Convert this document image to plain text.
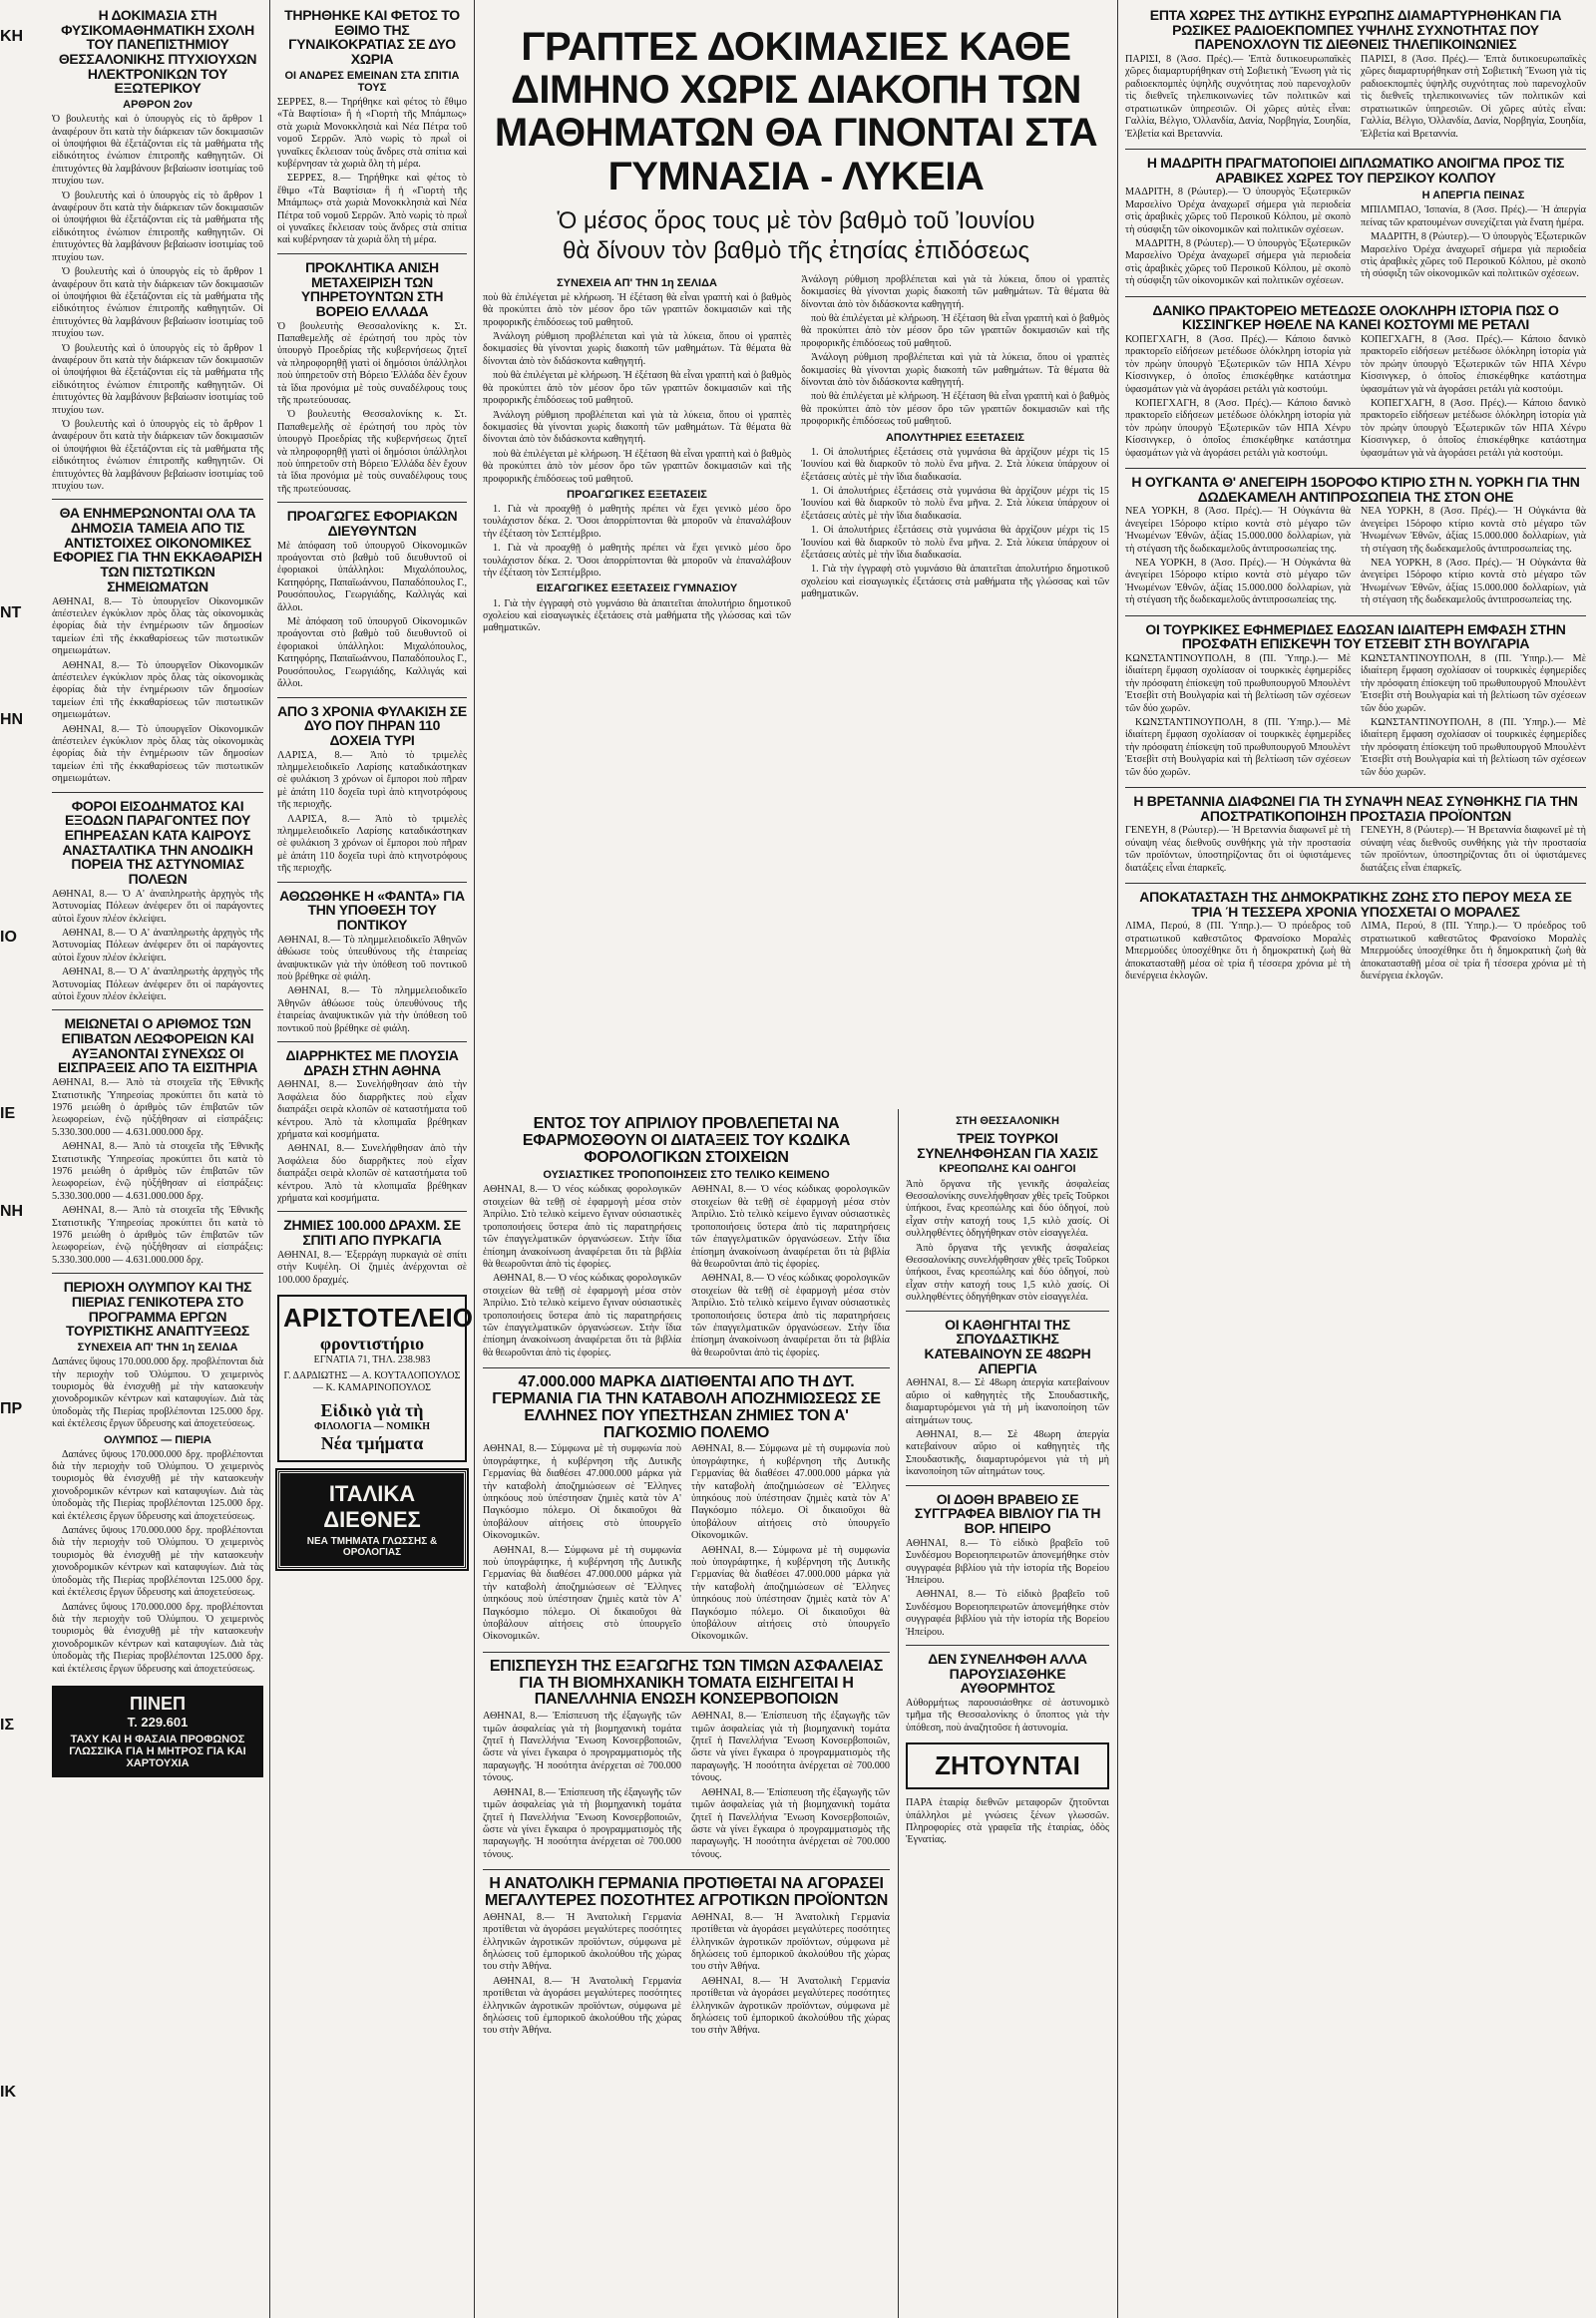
ΚΗ
ΝΤ
ΗΝ
ΙΟ
ΙΕ
ΝΗ
ΠΡ
ΙΣ
ΙΚ
Η ΔΟΚΙΜΑΣΙΑ ΣΤΗ ΦΥΣΙΚΟΜΑΘΗΜΑΤΙΚΗ ΣΧΟΛΗ ΤΟΥ ΠΑΝΕΠΙΣΤΗΜΙΟΥ ΘΕΣΣΑΛΟΝΙΚΗΣ ΠΤΥΧΙΟΥΧΩΝ ΗΛΕΚΤΡΟΝΙΚΩΝ ΤΟΥ ΕΞΩΤΕΡΙΚΟΥ
ΑΡΘΡΟΝ 2ον

Ὁ βουλευτὴς καὶ ὁ ὑπουργὸς εἰς τὸ ἄρθρον 1 ἀναφέρουν ὅτι κατὰ τὴν διάρκειαν τῶν δοκιμασιῶν οἱ ὑποψήφιοι θὰ ἐξετάζονται εἰς τὰ μαθήματα τῆς εἰδικότητος ἐνώπιον ἐπιτροπῆς καθηγητῶν. Οἱ ἐπιτυχόντες θὰ λαμβάνουν βεβαίωσιν ἰσοτιμίας τοῦ πτυχίου των.

Ὁ βουλευτὴς καὶ ὁ ὑπουργὸς εἰς τὸ ἄρθρον 1 ἀναφέρουν ὅτι κατὰ τὴν διάρκειαν τῶν δοκιμασιῶν οἱ ὑποψήφιοι θὰ ἐξετάζονται εἰς τὰ μαθήματα τῆς εἰδικότητος ἐνώπιον ἐπιτροπῆς καθηγητῶν. Οἱ ἐπιτυχόντες θὰ λαμβάνουν βεβαίωσιν ἰσοτιμίας τοῦ πτυχίου των.

Ὁ βουλευτὴς καὶ ὁ ὑπουργὸς εἰς τὸ ἄρθρον 1 ἀναφέρουν ὅτι κατὰ τὴν διάρκειαν τῶν δοκιμασιῶν οἱ ὑποψήφιοι θὰ ἐξετάζονται εἰς τὰ μαθήματα τῆς εἰδικότητος ἐνώπιον ἐπιτροπῆς καθηγητῶν. Οἱ ἐπιτυχόντες θὰ λαμβάνουν βεβαίωσιν ἰσοτιμίας τοῦ πτυχίου των.

Ὁ βουλευτὴς καὶ ὁ ὑπουργὸς εἰς τὸ ἄρθρον 1 ἀναφέρουν ὅτι κατὰ τὴν διάρκειαν τῶν δοκιμασιῶν οἱ ὑποψήφιοι θὰ ἐξετάζονται εἰς τὰ μαθήματα τῆς εἰδικότητος ἐνώπιον ἐπιτροπῆς καθηγητῶν. Οἱ ἐπιτυχόντες θὰ λαμβάνουν βεβαίωσιν ἰσοτιμίας τοῦ πτυχίου των.

Ὁ βουλευτὴς καὶ ὁ ὑπουργὸς εἰς τὸ ἄρθρον 1 ἀναφέρουν ὅτι κατὰ τὴν διάρκειαν τῶν δοκιμασιῶν οἱ ὑποψήφιοι θὰ ἐξετάζονται εἰς τὰ μαθήματα τῆς εἰδικότητος ἐνώπιον ἐπιτροπῆς καθηγητῶν. Οἱ ἐπιτυχόντες θὰ λαμβάνουν βεβαίωσιν ἰσοτιμίας τοῦ πτυχίου των.

ΘΑ ΕΝΗΜΕΡΩΝΟΝΤΑΙ ΟΛΑ ΤΑ ΔΗΜΟΣΙΑ ΤΑΜΕΙΑ ΑΠΟ ΤΙΣ ΑΝΤΙΣΤΟΙΧΕΣ ΟΙΚΟΝΟΜΙΚΕΣ ΕΦΟΡΙΕΣ ΓΙΑ ΤΗΝ ΕΚΚΑΘΑΡΙΣΗ ΤΩΝ ΠΙΣΤΩΤΙΚΩΝ ΣΗΜΕΙΩΜΑΤΩΝ

ΑΘΗΝΑΙ, 8.— Τὸ ὑπουργεῖον Οἰκονομικῶν ἀπέστειλεν ἐγκύκλιον πρὸς ὅλας τὰς οἰκονομικὰς ἐφορίας διὰ τὴν ἐνημέρωσιν τῶν δημοσίων ταμείων ἐπὶ τῆς ἐκκαθαρίσεως τῶν πιστωτικῶν σημειωμάτων.

ΑΘΗΝΑΙ, 8.— Τὸ ὑπουργεῖον Οἰκονομικῶν ἀπέστειλεν ἐγκύκλιον πρὸς ὅλας τὰς οἰκονομικὰς ἐφορίας διὰ τὴν ἐνημέρωσιν τῶν δημοσίων ταμείων ἐπὶ τῆς ἐκκαθαρίσεως τῶν πιστωτικῶν σημειωμάτων.

ΑΘΗΝΑΙ, 8.— Τὸ ὑπουργεῖον Οἰκονομικῶν ἀπέστειλεν ἐγκύκλιον πρὸς ὅλας τὰς οἰκονομικὰς ἐφορίας διὰ τὴν ἐνημέρωσιν τῶν δημοσίων ταμείων ἐπὶ τῆς ἐκκαθαρίσεως τῶν πιστωτικῶν σημειωμάτων.

ΦΟΡΟΙ ΕΙΣΟΔΗΜΑΤΟΣ ΚΑΙ ΕΞΟΔΩΝ ΠΑΡΑΓΟΝΤΕΣ ΠΟΥ ΕΠΗΡΕΑΣΑΝ ΚΑΤΑ ΚΑΙΡΟΥΣ ΑΝΑΣΤΑΛΤΙΚΑ ΤΗΝ ΑΝΟΔΙΚΗ ΠΟΡΕΙΑ ΤΗΣ ΑΣΤΥΝΟΜΙΑΣ ΠΟΛΕΩΝ

ΑΘΗΝΑΙ, 8.— Ὁ Α' ἀναπληρωτὴς ἀρχηγὸς τῆς Ἀστυνομίας Πόλεων ἀνέφερεν ὅτι οἱ παράγοντες αὐτοὶ ἔχουν πλέον ἐκλείψει.

ΑΘΗΝΑΙ, 8.— Ὁ Α' ἀναπληρωτὴς ἀρχηγὸς τῆς Ἀστυνομίας Πόλεων ἀνέφερεν ὅτι οἱ παράγοντες αὐτοὶ ἔχουν πλέον ἐκλείψει.

ΑΘΗΝΑΙ, 8.— Ὁ Α' ἀναπληρωτὴς ἀρχηγὸς τῆς Ἀστυνομίας Πόλεων ἀνέφερεν ὅτι οἱ παράγοντες αὐτοὶ ἔχουν πλέον ἐκλείψει.

ΜΕΙΩΝΕΤΑΙ Ο ΑΡΙΘΜΟΣ ΤΩΝ ΕΠΙΒΑΤΩΝ ΛΕΩΦΟΡΕΙΩΝ ΚΑΙ ΑΥΞΑΝΟΝΤΑΙ ΣΥΝΕΧΩΣ ΟΙ ΕΙΣΠΡΑΞΕΙΣ ΑΠΟ ΤΑ ΕΙΣΙΤΗΡΙΑ

ΑΘΗΝΑΙ, 8.— Ἀπὸ τὰ στοιχεῖα τῆς Ἐθνικῆς Στατιστικῆς Ὑπηρεσίας προκύπτει ὅτι κατὰ τὸ 1976 μειώθη ὁ ἀριθμὸς τῶν ἐπιβατῶν τῶν λεωφορείων, ἐνῷ ηὐξήθησαν αἱ εἰσπράξεις: 5.330.300.000 — 4.631.000.000 δρχ.

ΑΘΗΝΑΙ, 8.— Ἀπὸ τὰ στοιχεῖα τῆς Ἐθνικῆς Στατιστικῆς Ὑπηρεσίας προκύπτει ὅτι κατὰ τὸ 1976 μειώθη ὁ ἀριθμὸς τῶν ἐπιβατῶν τῶν λεωφορείων, ἐνῷ ηὐξήθησαν αἱ εἰσπράξεις: 5.330.300.000 — 4.631.000.000 δρχ.

ΑΘΗΝΑΙ, 8.— Ἀπὸ τὰ στοιχεῖα τῆς Ἐθνικῆς Στατιστικῆς Ὑπηρεσίας προκύπτει ὅτι κατὰ τὸ 1976 μειώθη ὁ ἀριθμὸς τῶν ἐπιβατῶν τῶν λεωφορείων, ἐνῷ ηὐξήθησαν αἱ εἰσπράξεις: 5.330.300.000 — 4.631.000.000 δρχ.

ΠΕΡΙΟΧΗ ΟΛΥΜΠΟΥ ΚΑΙ ΤΗΣ ΠΙΕΡΙΑΣ ΓΕΝΙΚΟΤΕΡΑ ΣΤΟ ΠΡΟΓΡΑΜΜΑ ΕΡΓΩΝ ΤΟΥΡΙΣΤΙΚΗΣ ΑΝΑΠΤΥΞΕΩΣ
ΣΥΝΕΧΕΙΑ ΑΠ' ΤΗΝ 1η ΣΕΛΙΔΑ

Δαπάνες ὕψους 170.000.000 δρχ. προβλέπονται διὰ τὴν περιοχὴν τοῦ Ὀλύμπου. Ὁ χειμερινὸς τουρισμὸς θὰ ἐνισχυθῇ μὲ τὴν κατασκευὴν χιονοδρομικῶν κέντρων καὶ καταφυγίων. Διὰ τὰς ὑποδομὰς τῆς Πιερίας προβλέπονται 125.000 δρχ. καὶ ἐκτέλεσις ἔργων ὕδρευσης καὶ ἀποχετεύσεως.

ΟΛΥΜΠΟΣ — ΠΙΕΡΙΑ

Δαπάνες ὕψους 170.000.000 δρχ. προβλέπονται διὰ τὴν περιοχὴν τοῦ Ὀλύμπου. Ὁ χειμερινὸς τουρισμὸς θὰ ἐνισχυθῇ μὲ τὴν κατασκευὴν χιονοδρομικῶν κέντρων καὶ καταφυγίων. Διὰ τὰς ὑποδομὰς τῆς Πιερίας προβλέπονται 125.000 δρχ. καὶ ἐκτέλεσις ἔργων ὕδρευσης καὶ ἀποχετεύσεως.

Δαπάνες ὕψους 170.000.000 δρχ. προβλέπονται διὰ τὴν περιοχὴν τοῦ Ὀλύμπου. Ὁ χειμερινὸς τουρισμὸς θὰ ἐνισχυθῇ μὲ τὴν κατασκευὴν χιονοδρομικῶν κέντρων καὶ καταφυγίων. Διὰ τὰς ὑποδομὰς τῆς Πιερίας προβλέπονται 125.000 δρχ. καὶ ἐκτέλεσις ἔργων ὕδρευσης καὶ ἀποχετεύσεως.

Δαπάνες ὕψους 170.000.000 δρχ. προβλέπονται διὰ τὴν περιοχὴν τοῦ Ὀλύμπου. Ὁ χειμερινὸς τουρισμὸς θὰ ἐνισχυθῇ μὲ τὴν κατασκευὴν χιονοδρομικῶν κέντρων καὶ καταφυγίων. Διὰ τὰς ὑποδομὰς τῆς Πιερίας προβλέπονται 125.000 δρχ. καὶ ἐκτέλεσις ἔργων ὕδρευσης καὶ ἀποχετεύσεως.

ΠΙΝΕΠ
Τ. 229.601
ΤΑΧΥ ΚΑΙ Η ΦΑΣΑΙΑ ΠΡΟΦΩΝΟΣ ΓΛΩΣΣΙΚΑ ΓΙΑ Η ΜΗΤΡΟΣ ΓΙΑ ΚΑΙ ΧΑΡΤΟΥΧΙΑ
ΤΗΡΗΘΗΚΕ ΚΑΙ ΦΕΤΟΣ ΤΟ ΕΘΙΜΟ ΤΗΣ ΓΥΝΑΙΚΟΚΡΑΤΙΑΣ ΣΕ ΔΥΟ ΧΩΡΙΑ
ΟΙ ΑΝΔΡΕΣ ΕΜΕΙΝΑΝ ΣΤΑ ΣΠΙΤΙΑ ΤΟΥΣ

ΣΕΡΡΕΣ, 8.— Τηρήθηκε καὶ φέτος τὸ ἔθιμο «Τὰ Βαφτίσια» ἢ ἡ «Γιορτὴ τῆς Μπάμπως» στὰ χωριὰ Μονοκκλησιὰ καὶ Νέα Πέτρα τοῦ νομοῦ Σερρῶν. Ἀπὸ νωρὶς τὸ πρωῒ οἱ γυναῖκες ἔκλεισαν τοὺς ἄνδρες στὰ σπίτια καὶ κυβέρνησαν τὰ χωριὰ ὅλη τὴ μέρα.

ΣΕΡΡΕΣ, 8.— Τηρήθηκε καὶ φέτος τὸ ἔθιμο «Τὰ Βαφτίσια» ἢ ἡ «Γιορτὴ τῆς Μπάμπως» στὰ χωριὰ Μονοκκλησιὰ καὶ Νέα Πέτρα τοῦ νομοῦ Σερρῶν. Ἀπὸ νωρὶς τὸ πρωῒ οἱ γυναῖκες ἔκλεισαν τοὺς ἄνδρες στὰ σπίτια καὶ κυβέρνησαν τὰ χωριὰ ὅλη τὴ μέρα.

ΠΡΟΚΛΗΤΙΚΑ ΑΝΙΣΗ ΜΕΤΑΧΕΙΡΙΣΗ ΤΩΝ ΥΠΗΡΕΤΟΥΝΤΩΝ ΣΤΗ ΒΟΡΕΙΟ ΕΛΛΑΔΑ

Ὁ βουλευτὴς Θεσσαλονίκης κ. Στ. Παπαθεμελῆς σὲ ἐρώτησή του πρὸς τὸν ὑπουργὸ Προεδρίας τῆς κυβερνήσεως ζητεῖ νὰ πληροφορηθῇ γιατὶ οἱ δημόσιοι ὑπάλληλοι ποὺ ὑπηρετοῦν στὴ Βόρειο Ἑλλάδα δὲν ἔχουν τὰ ἴδια προνόμια μὲ τοὺς συναδέλφους τους τῆς πρωτεύουσας.

Ὁ βουλευτὴς Θεσσαλονίκης κ. Στ. Παπαθεμελῆς σὲ ἐρώτησή του πρὸς τὸν ὑπουργὸ Προεδρίας τῆς κυβερνήσεως ζητεῖ νὰ πληροφορηθῇ γιατὶ οἱ δημόσιοι ὑπάλληλοι ποὺ ὑπηρετοῦν στὴ Βόρειο Ἑλλάδα δὲν ἔχουν τὰ ἴδια προνόμια μὲ τοὺς συναδέλφους τους τῆς πρωτεύουσας.

ΠΡΟΑΓΩΓΕΣ ΕΦΟΡΙΑΚΩΝ ΔΙΕΥΘΥΝΤΩΝ

Μὲ ἀπόφαση τοῦ ὑπουργοῦ Οἰκονομικῶν προάγονται στὸ βαθμὸ τοῦ διευθυντοῦ οἱ ἐφοριακοὶ ὑπάλληλοι: Μιχαλόπουλος, Κατηφόρης, Παπαϊωάννου, Παπαδόπουλος Γ., Ρουσόπουλος, Γεωργιάδης, Καλλιγάς καὶ ἄλλοι.

Μὲ ἀπόφαση τοῦ ὑπουργοῦ Οἰκονομικῶν προάγονται στὸ βαθμὸ τοῦ διευθυντοῦ οἱ ἐφοριακοὶ ὑπάλληλοι: Μιχαλόπουλος, Κατηφόρης, Παπαϊωάννου, Παπαδόπουλος Γ., Ρουσόπουλος, Γεωργιάδης, Καλλιγάς καὶ ἄλλοι.

ΑΠΟ 3 ΧΡΟΝΙΑ ΦΥΛΑΚΙΣΗ ΣΕ ΔΥΟ ΠΟΥ ΠΗΡΑΝ 110 ΔΟΧΕΙΑ ΤΥΡΙ

ΛΑΡΙΣΑ, 8.— Ἀπὸ τὸ τριμελὲς πλημμελειοδικεῖο Λαρίσης καταδικάστηκαν σὲ φυλάκιση 3 χρόνων οἱ ἔμποροι ποὺ πῆραν μὲ ἀπάτη 110 δοχεῖα τυρὶ ἀπὸ κτηνοτρόφους τῆς περιοχῆς.

ΛΑΡΙΣΑ, 8.— Ἀπὸ τὸ τριμελὲς πλημμελειοδικεῖο Λαρίσης καταδικάστηκαν σὲ φυλάκιση 3 χρόνων οἱ ἔμποροι ποὺ πῆραν μὲ ἀπάτη 110 δοχεῖα τυρὶ ἀπὸ κτηνοτρόφους τῆς περιοχῆς.

ΑΘΩΩΘΗΚΕ Η «ΦΑΝΤΑ» ΓΙΑ ΤΗΝ ΥΠΟΘΕΣΗ ΤΟΥ ΠΟΝΤΙΚΟΥ

ΑΘΗΝΑΙ, 8.— Τὸ πλημμελειοδικεῖο Ἀθηνῶν ἀθώωσε τοὺς ὑπευθύνους τῆς ἑταιρείας ἀναψυκτικῶν γιὰ τὴν ὑπόθεση τοῦ ποντικοῦ ποὺ βρέθηκε σὲ φιάλη.

ΑΘΗΝΑΙ, 8.— Τὸ πλημμελειοδικεῖο Ἀθηνῶν ἀθώωσε τοὺς ὑπευθύνους τῆς ἑταιρείας ἀναψυκτικῶν γιὰ τὴν ὑπόθεση τοῦ ποντικοῦ ποὺ βρέθηκε σὲ φιάλη.

ΔΙΑΡΡΗΚΤΕΣ ΜΕ ΠΛΟΥΣΙΑ ΔΡΑΣΗ ΣΤΗΝ ΑΘΗΝΑ

ΑΘΗΝΑΙ, 8.— Συνελήφθησαν ἀπὸ τὴν Ἀσφάλεια δύο διαρρῆκτες ποὺ εἶχαν διαπράξει σειρὰ κλοπῶν σὲ καταστήματα τοῦ κέντρου. Ἀπὸ τὰ κλοπιμαῖα βρέθηκαν χρήματα καὶ κοσμήματα.

ΑΘΗΝΑΙ, 8.— Συνελήφθησαν ἀπὸ τὴν Ἀσφάλεια δύο διαρρῆκτες ποὺ εἶχαν διαπράξει σειρὰ κλοπῶν σὲ καταστήματα τοῦ κέντρου. Ἀπὸ τὰ κλοπιμαῖα βρέθηκαν χρήματα καὶ κοσμήματα.

ΖΗΜΙΕΣ 100.000 ΔΡΑΧΜ. ΣΕ ΣΠΙΤΙ ΑΠΟ ΠΥΡΚΑΓΙΑ

ΑΘΗΝΑΙ, 8.— Ἐξερράγη πυρκαγιὰ σὲ σπίτι στὴν Κυψέλη. Οἱ ζημιὲς ἀνέρχονται σὲ 100.000 δραχμές.

ΑΡΙΣΤΟΤΕΛΕΙΟ
φροντιστήριο
ΕΓΝΑΤΙΑ 71, ΤΗΛ. 238.983
Γ. ΔΑΡΔΙΩΤΗΣ — Α. ΚΟΥΤΑΛΟΠΟΥΛΟΣ — Κ. ΚΑΜΑΡΙΝΟΠΟΥΛΟΣ
Εἰδικὸ γιὰ τὴ
ΦΙΛΟΛΟΓΙΑ — ΝΟΜΙΚΗ
Νέα τμήματα
ΙΤΑΛΙΚΑ ΔΙΕΘΝΕΣ
ΝΕΑ ΤΜΗΜΑΤΑ ΓΛΩΣΣΗΣ & ΟΡΟΛΟΓΙΑΣ
ΓΡΑΠΤΕΣ ΔΟΚΙΜΑΣΙΕΣ ΚΑΘΕ ΔΙΜΗΝΟ ΧΩΡΙΣ ΔΙΑΚΟΠΗ ΤΩΝ ΜΑΘΗΜΑΤΩΝ ΘΑ ΓΙΝΟΝΤΑΙ ΣΤΑ ΓΥΜΝΑΣΙΑ - ΛΥΚΕΙΑ
Ὁ μέσος ὅρος τους μὲ τὸν βαθμὸ τοῦ Ἰουνίου
θὰ δίνουν τὸν βαθμὸ τῆς ἐτησίας ἐπιδόσεως
ΣΥΝΕΧΕΙΑ ΑΠ' ΤΗΝ 1η ΣΕΛΙΔΑ

ποὺ θὰ ἐπιλέγεται μὲ κλήρωση. Ἡ ἐξέταση θὰ εἶναι γραπτὴ καὶ ὁ βαθμὸς θὰ προκύπτει ἀπὸ τὸν μέσον ὅρο τῶν γραπτῶν δοκιμασιῶν καὶ τῆς προφορικῆς ἐπιδόσεως τοῦ μαθητοῦ.

Ἀνάλογη ρύθμιση προβλέπεται καὶ γιὰ τὰ λύκεια, ὅπου οἱ γραπτὲς δοκιμασίες θὰ γίνονται χωρὶς διακοπὴ τῶν μαθημάτων. Τὰ θέματα θὰ δίνονται ἀπὸ τὸν διδάσκοντα καθηγητή.

ποὺ θὰ ἐπιλέγεται μὲ κλήρωση. Ἡ ἐξέταση θὰ εἶναι γραπτὴ καὶ ὁ βαθμὸς θὰ προκύπτει ἀπὸ τὸν μέσον ὅρο τῶν γραπτῶν δοκιμασιῶν καὶ τῆς προφορικῆς ἐπιδόσεως τοῦ μαθητοῦ.

Ἀνάλογη ρύθμιση προβλέπεται καὶ γιὰ τὰ λύκεια, ὅπου οἱ γραπτὲς δοκιμασίες θὰ γίνονται χωρὶς διακοπὴ τῶν μαθημάτων. Τὰ θέματα θὰ δίνονται ἀπὸ τὸν διδάσκοντα καθηγητή.

ποὺ θὰ ἐπιλέγεται μὲ κλήρωση. Ἡ ἐξέταση θὰ εἶναι γραπτὴ καὶ ὁ βαθμὸς θὰ προκύπτει ἀπὸ τὸν μέσον ὅρο τῶν γραπτῶν δοκιμασιῶν καὶ τῆς προφορικῆς ἐπιδόσεως τοῦ μαθητοῦ.

ΠΡΟΑΓΩΓΙΚΕΣ ΕΞΕΤΑΣΕΙΣ

1. Γιὰ νὰ προαχθῇ ὁ μαθητὴς πρέπει νὰ ἔχει γενικὸ μέσο ὅρο τουλάχιστον δέκα. 2. Ὅσοι ἀπορρίπτονται θὰ μποροῦν νὰ ἐπαναλάβουν τὴν ἐξέταση τὸν Σεπτέμβριο.

1. Γιὰ νὰ προαχθῇ ὁ μαθητὴς πρέπει νὰ ἔχει γενικὸ μέσο ὅρο τουλάχιστον δέκα. 2. Ὅσοι ἀπορρίπτονται θὰ μποροῦν νὰ ἐπαναλάβουν τὴν ἐξέταση τὸν Σεπτέμβριο.

ΕΙΣΑΓΩΓΙΚΕΣ ΕΞΕΤΑΣΕΙΣ ΓΥΜΝΑΣΙΟΥ

1. Γιὰ τὴν ἐγγραφὴ στὸ γυμνάσιο θὰ ἀπαιτεῖται ἀπολυτήριο δημοτικοῦ σχολείου καὶ εἰσαγωγικὲς ἐξετάσεις στὰ μαθήματα τῆς γλώσσας καὶ τῶν μαθηματικῶν.

Ἀνάλογη ρύθμιση προβλέπεται καὶ γιὰ τὰ λύκεια, ὅπου οἱ γραπτὲς δοκιμασίες θὰ γίνονται χωρὶς διακοπὴ τῶν μαθημάτων. Τὰ θέματα θὰ δίνονται ἀπὸ τὸν διδάσκοντα καθηγητή.

ποὺ θὰ ἐπιλέγεται μὲ κλήρωση. Ἡ ἐξέταση θὰ εἶναι γραπτὴ καὶ ὁ βαθμὸς θὰ προκύπτει ἀπὸ τὸν μέσον ὅρο τῶν γραπτῶν δοκιμασιῶν καὶ τῆς προφορικῆς ἐπιδόσεως τοῦ μαθητοῦ.

Ἀνάλογη ρύθμιση προβλέπεται καὶ γιὰ τὰ λύκεια, ὅπου οἱ γραπτὲς δοκιμασίες θὰ γίνονται χωρὶς διακοπὴ τῶν μαθημάτων. Τὰ θέματα θὰ δίνονται ἀπὸ τὸν διδάσκοντα καθηγητή.

ποὺ θὰ ἐπιλέγεται μὲ κλήρωση. Ἡ ἐξέταση θὰ εἶναι γραπτὴ καὶ ὁ βαθμὸς θὰ προκύπτει ἀπὸ τὸν μέσον ὅρο τῶν γραπτῶν δοκιμασιῶν καὶ τῆς προφορικῆς ἐπιδόσεως τοῦ μαθητοῦ.

ΑΠΟΛΥΤΗΡΙΕΣ ΕΞΕΤΑΣΕΙΣ

1. Οἱ ἀπολυτήριες ἐξετάσεις στὰ γυμνάσια θὰ ἀρχίζουν μέχρι τὶς 15 Ἰουνίου καὶ θὰ διαρκοῦν τὸ πολὺ ἕνα μῆνα. 2. Στὰ λύκεια ὑπάρχουν οἱ ἐξετάσεις αὐτὲς μὲ τὴν ἴδια διαδικασία.

1. Οἱ ἀπολυτήριες ἐξετάσεις στὰ γυμνάσια θὰ ἀρχίζουν μέχρι τὶς 15 Ἰουνίου καὶ θὰ διαρκοῦν τὸ πολὺ ἕνα μῆνα. 2. Στὰ λύκεια ὑπάρχουν οἱ ἐξετάσεις αὐτὲς μὲ τὴν ἴδια διαδικασία.

1. Οἱ ἀπολυτήριες ἐξετάσεις στὰ γυμνάσια θὰ ἀρχίζουν μέχρι τὶς 15 Ἰουνίου καὶ θὰ διαρκοῦν τὸ πολὺ ἕνα μῆνα. 2. Στὰ λύκεια ὑπάρχουν οἱ ἐξετάσεις αὐτὲς μὲ τὴν ἴδια διαδικασία.

1. Γιὰ τὴν ἐγγραφὴ στὸ γυμνάσιο θὰ ἀπαιτεῖται ἀπολυτήριο δημοτικοῦ σχολείου καὶ εἰσαγωγικὲς ἐξετάσεις στὰ μαθήματα τῆς γλώσσας καὶ τῶν μαθηματικῶν.

ΕΝΤΟΣ ΤΟΥ ΑΠΡΙΛΙΟΥ ΠΡΟΒΛΕΠΕΤΑΙ ΝΑ ΕΦΑΡΜΟΣΘΟΥΝ ΟΙ ΔΙΑΤΑΞΕΙΣ ΤΟΥ ΚΩΔΙΚΑ ΦΟΡΟΛΟΓΙΚΩΝ ΣΤΟΙΧΕΙΩΝ
ΟΥΣΙΑΣΤΙΚΕΣ ΤΡΟΠΟΠΟΙΗΣΕΙΣ ΣΤΟ ΤΕΛΙΚΟ ΚΕΙΜΕΝΟ

ΑΘΗΝΑΙ, 8.— Ὁ νέος κώδικας φορολογικῶν στοιχείων θὰ τεθῇ σὲ ἐφαρμογὴ μέσα στὸν Ἀπρίλιο. Στὸ τελικὸ κείμενο ἔγιναν οὐσιαστικὲς τροποποιήσεις ὕστερα ἀπὸ τὶς παρατηρήσεις τῶν ἐπαγγελματικῶν ὀργανώσεων. Στὴν ἴδια ἐπίσημη ἀνακοίνωση ἀναφέρεται ὅτι τὰ βιβλία θὰ θεωροῦνται ἀπὸ τὶς ἐφορίες.

ΑΘΗΝΑΙ, 8.— Ὁ νέος κώδικας φορολογικῶν στοιχείων θὰ τεθῇ σὲ ἐφαρμογὴ μέσα στὸν Ἀπρίλιο. Στὸ τελικὸ κείμενο ἔγιναν οὐσιαστικὲς τροποποιήσεις ὕστερα ἀπὸ τὶς παρατηρήσεις τῶν ἐπαγγελματικῶν ὀργανώσεων. Στὴν ἴδια ἐπίσημη ἀνακοίνωση ἀναφέρεται ὅτι τὰ βιβλία θὰ θεωροῦνται ἀπὸ τὶς ἐφορίες.

ΑΘΗΝΑΙ, 8.— Ὁ νέος κώδικας φορολογικῶν στοιχείων θὰ τεθῇ σὲ ἐφαρμογὴ μέσα στὸν Ἀπρίλιο. Στὸ τελικὸ κείμενο ἔγιναν οὐσιαστικὲς τροποποιήσεις ὕστερα ἀπὸ τὶς παρατηρήσεις τῶν ἐπαγγελματικῶν ὀργανώσεων. Στὴν ἴδια ἐπίσημη ἀνακοίνωση ἀναφέρεται ὅτι τὰ βιβλία θὰ θεωροῦνται ἀπὸ τὶς ἐφορίες.

ΑΘΗΝΑΙ, 8.— Ὁ νέος κώδικας φορολογικῶν στοιχείων θὰ τεθῇ σὲ ἐφαρμογὴ μέσα στὸν Ἀπρίλιο. Στὸ τελικὸ κείμενο ἔγιναν οὐσιαστικὲς τροποποιήσεις ὕστερα ἀπὸ τὶς παρατηρήσεις τῶν ἐπαγγελματικῶν ὀργανώσεων. Στὴν ἴδια ἐπίσημη ἀνακοίνωση ἀναφέρεται ὅτι τὰ βιβλία θὰ θεωροῦνται ἀπὸ τὶς ἐφορίες.

47.000.000 ΜΑΡΚΑ ΔΙΑΤΙΘΕΝΤΑΙ ΑΠΟ ΤΗ ΔΥΤ. ΓΕΡΜΑΝΙΑ ΓΙΑ ΤΗΝ ΚΑΤΑΒΟΛΗ ΑΠΟΖΗΜΙΩΣΕΩΣ ΣΕ ΕΛΛΗΝΕΣ ΠΟΥ ΥΠΕΣΤΗΣΑΝ ΖΗΜΙΕΣ ΤΟΝ Α' ΠΑΓΚΟΣΜΙΟ ΠΟΛΕΜΟ

ΑΘΗΝΑΙ, 8.— Σύμφωνα μὲ τὴ συμφωνία ποὺ ὑπογράφτηκε, ἡ κυβέρνηση τῆς Δυτικῆς Γερμανίας θὰ διαθέσει 47.000.000 μάρκα γιὰ τὴν καταβολὴ ἀποζημιώσεων σὲ Ἕλληνες ὑπηκόους ποὺ ὑπέστησαν ζημιὲς κατὰ τὸν Α' Παγκόσμιο πόλεμο. Οἱ δικαιοῦχοι θὰ ὑποβάλουν αἰτήσεις στὸ ὑπουργεῖο Οἰκονομικῶν.

ΑΘΗΝΑΙ, 8.— Σύμφωνα μὲ τὴ συμφωνία ποὺ ὑπογράφτηκε, ἡ κυβέρνηση τῆς Δυτικῆς Γερμανίας θὰ διαθέσει 47.000.000 μάρκα γιὰ τὴν καταβολὴ ἀποζημιώσεων σὲ Ἕλληνες ὑπηκόους ποὺ ὑπέστησαν ζημιὲς κατὰ τὸν Α' Παγκόσμιο πόλεμο. Οἱ δικαιοῦχοι θὰ ὑποβάλουν αἰτήσεις στὸ ὑπουργεῖο Οἰκονομικῶν.

ΑΘΗΝΑΙ, 8.— Σύμφωνα μὲ τὴ συμφωνία ποὺ ὑπογράφτηκε, ἡ κυβέρνηση τῆς Δυτικῆς Γερμανίας θὰ διαθέσει 47.000.000 μάρκα γιὰ τὴν καταβολὴ ἀποζημιώσεων σὲ Ἕλληνες ὑπηκόους ποὺ ὑπέστησαν ζημιὲς κατὰ τὸν Α' Παγκόσμιο πόλεμο. Οἱ δικαιοῦχοι θὰ ὑποβάλουν αἰτήσεις στὸ ὑπουργεῖο Οἰκονομικῶν.

ΑΘΗΝΑΙ, 8.— Σύμφωνα μὲ τὴ συμφωνία ποὺ ὑπογράφτηκε, ἡ κυβέρνηση τῆς Δυτικῆς Γερμανίας θὰ διαθέσει 47.000.000 μάρκα γιὰ τὴν καταβολὴ ἀποζημιώσεων σὲ Ἕλληνες ὑπηκόους ποὺ ὑπέστησαν ζημιὲς κατὰ τὸν Α' Παγκόσμιο πόλεμο. Οἱ δικαιοῦχοι θὰ ὑποβάλουν αἰτήσεις στὸ ὑπουργεῖο Οἰκονομικῶν.

ΕΠΙΣΠΕΥΣΗ ΤΗΣ ΕΞΑΓΩΓΗΣ ΤΩΝ ΤΙΜΩΝ ΑΣΦΑΛΕΙΑΣ ΓΙΑ ΤΗ ΒΙΟΜΗΧΑΝΙΚΗ ΤΟΜΑΤΑ ΕΙΣΗΓΕΙΤΑΙ Η ΠΑΝΕΛΛΗΝΙΑ ΕΝΩΣΗ ΚΟΝΣΕΡΒΟΠΟΙΩΝ

ΑΘΗΝΑΙ, 8.— Ἐπίσπευση τῆς ἐξαγωγῆς τῶν τιμῶν ἀσφαλείας γιὰ τὴ βιομηχανικὴ τομάτα ζητεῖ ἡ Πανελλήνια Ἕνωση Κονσερβοποιῶν, ὥστε νὰ γίνει ἔγκαιρα ὁ προγραμματισμὸς τῆς παραγωγῆς. Ἡ ποσότητα ἀνέρχεται σὲ 700.000 τόνους.

ΑΘΗΝΑΙ, 8.— Ἐπίσπευση τῆς ἐξαγωγῆς τῶν τιμῶν ἀσφαλείας γιὰ τὴ βιομηχανικὴ τομάτα ζητεῖ ἡ Πανελλήνια Ἕνωση Κονσερβοποιῶν, ὥστε νὰ γίνει ἔγκαιρα ὁ προγραμματισμὸς τῆς παραγωγῆς. Ἡ ποσότητα ἀνέρχεται σὲ 700.000 τόνους.

ΑΘΗΝΑΙ, 8.— Ἐπίσπευση τῆς ἐξαγωγῆς τῶν τιμῶν ἀσφαλείας γιὰ τὴ βιομηχανικὴ τομάτα ζητεῖ ἡ Πανελλήνια Ἕνωση Κονσερβοποιῶν, ὥστε νὰ γίνει ἔγκαιρα ὁ προγραμματισμὸς τῆς παραγωγῆς. Ἡ ποσότητα ἀνέρχεται σὲ 700.000 τόνους.

ΑΘΗΝΑΙ, 8.— Ἐπίσπευση τῆς ἐξαγωγῆς τῶν τιμῶν ἀσφαλείας γιὰ τὴ βιομηχανικὴ τομάτα ζητεῖ ἡ Πανελλήνια Ἕνωση Κονσερβοποιῶν, ὥστε νὰ γίνει ἔγκαιρα ὁ προγραμματισμὸς τῆς παραγωγῆς. Ἡ ποσότητα ἀνέρχεται σὲ 700.000 τόνους.

Η ΑΝΑΤΟΛΙΚΗ ΓΕΡΜΑΝΙΑ ΠΡΟΤΙΘΕΤΑΙ ΝΑ ΑΓΟΡΑΣΕΙ ΜΕΓΑΛΥΤΕΡΕΣ ΠΟΣΟΤΗΤΕΣ ΑΓΡΟΤΙΚΩΝ ΠΡΟΪΟΝΤΩΝ

ΑΘΗΝΑΙ, 8.— Ἡ Ἀνατολικὴ Γερμανία προτίθεται νὰ ἀγοράσει μεγαλύτερες ποσότητες ἑλληνικῶν ἀγροτικῶν προϊόντων, σύμφωνα μὲ δηλώσεις τοῦ ἐμπορικοῦ ἀκολούθου τῆς χώρας του στὴν Ἀθήνα.

ΑΘΗΝΑΙ, 8.— Ἡ Ἀνατολικὴ Γερμανία προτίθεται νὰ ἀγοράσει μεγαλύτερες ποσότητες ἑλληνικῶν ἀγροτικῶν προϊόντων, σύμφωνα μὲ δηλώσεις τοῦ ἐμπορικοῦ ἀκολούθου τῆς χώρας του στὴν Ἀθήνα.

ΑΘΗΝΑΙ, 8.— Ἡ Ἀνατολικὴ Γερμανία προτίθεται νὰ ἀγοράσει μεγαλύτερες ποσότητες ἑλληνικῶν ἀγροτικῶν προϊόντων, σύμφωνα μὲ δηλώσεις τοῦ ἐμπορικοῦ ἀκολούθου τῆς χώρας του στὴν Ἀθήνα.

ΑΘΗΝΑΙ, 8.— Ἡ Ἀνατολικὴ Γερμανία προτίθεται νὰ ἀγοράσει μεγαλύτερες ποσότητες ἑλληνικῶν ἀγροτικῶν προϊόντων, σύμφωνα μὲ δηλώσεις τοῦ ἐμπορικοῦ ἀκολούθου τῆς χώρας του στὴν Ἀθήνα.

ΣΤΗ ΘΕΣΣΑΛΟΝΙΚΗ
ΤΡΕΙΣ ΤΟΥΡΚΟΙ ΣΥΝΕΛΗΦΘΗΣΑΝ ΓΙΑ ΧΑΣΙΣ
ΚΡΕΟΠΩΛΗΣ ΚΑΙ ΟΔΗΓΟΙ

Ἀπὸ ὄργανα τῆς γενικῆς ἀσφαλείας Θεσσαλονίκης συνελήφθησαν χθὲς τρεῖς Τοῦρκοι ὑπήκοοι, ἕνας κρεοπώλης καὶ δύο ὁδηγοί, ποὺ εἶχαν στὴν κατοχή τους 1,5 κιλὸ χασίς. Οἱ συλληφθέντες ὁδηγήθηκαν στὸν εἰσαγγελέα.

Ἀπὸ ὄργανα τῆς γενικῆς ἀσφαλείας Θεσσαλονίκης συνελήφθησαν χθὲς τρεῖς Τοῦρκοι ὑπήκοοι, ἕνας κρεοπώλης καὶ δύο ὁδηγοί, ποὺ εἶχαν στὴν κατοχή τους 1,5 κιλὸ χασίς. Οἱ συλληφθέντες ὁδηγήθηκαν στὸν εἰσαγγελέα.

ΟΙ ΚΑΘΗΓΗΤΑΙ ΤΗΣ ΣΠΟΥΔΑΣΤΙΚΗΣ ΚΑΤΕΒΑΙΝΟΥΝ ΣΕ 48ΩΡΗ ΑΠΕΡΓΙΑ

ΑΘΗΝΑΙ, 8.— Σὲ 48ωρη ἀπεργία κατεβαίνουν αὔριο οἱ καθηγητὲς τῆς Σπουδαστικῆς, διαμαρτυρόμενοι γιὰ τὴ μὴ ἱκανοποίηση τῶν αἰτημάτων τους.

ΑΘΗΝΑΙ, 8.— Σὲ 48ωρη ἀπεργία κατεβαίνουν αὔριο οἱ καθηγητὲς τῆς Σπουδαστικῆς, διαμαρτυρόμενοι γιὰ τὴ μὴ ἱκανοποίηση τῶν αἰτημάτων τους.

ΟΙ ΔΟΘΗ ΒΡΑΒΕΙΟ ΣΕ ΣΥΓΓΡΑΦΕΑ ΒΙΒΛΙΟΥ ΓΙΑ ΤΗ ΒΟΡ. ΗΠΕΙΡΟ

ΑΘΗΝΑΙ, 8.— Τὸ εἰδικὸ βραβεῖο τοῦ Συνδέσμου Βορειοηπειρωτῶν ἀπονεμήθηκε στὸν συγγραφέα βιβλίου γιὰ τὴν ἱστορία τῆς Βορείου Ἠπείρου.

ΑΘΗΝΑΙ, 8.— Τὸ εἰδικὸ βραβεῖο τοῦ Συνδέσμου Βορειοηπειρωτῶν ἀπονεμήθηκε στὸν συγγραφέα βιβλίου γιὰ τὴν ἱστορία τῆς Βορείου Ἠπείρου.

ΔΕΝ ΣΥΝΕΛΗΦΘΗ ΑΛΛΑ ΠΑΡΟΥΣΙΑΣΘΗΚΕ ΑΥΘΟΡΜΗΤΟΣ

Αὐθορμήτως παρουσιάσθηκε σὲ ἀστυνομικὸ τμῆμα τῆς Θεσσαλονίκης ὁ ὕποπτος γιὰ τὴν ὑπόθεση, ποὺ ἀναζητοῦσε ἡ ἀστυνομία.

ΖΗΤΟΥΝΤΑΙ

ΠΑΡΑ ἑταιρίᾳ διεθνῶν μεταφορῶν ζητοῦνται ὑπάλληλοι μὲ γνώσεις ξένων γλωσσῶν. Πληροφορίες στὰ γραφεῖα τῆς ἑταιρίας, ὁδὸς Ἐγνατίας.

ΕΠΤΑ ΧΩΡΕΣ ΤΗΣ ΔΥΤΙΚΗΣ ΕΥΡΩΠΗΣ ΔΙΑΜΑΡΤΥΡΗΘΗΚΑΝ ΓΙΑ ΡΩΣΙΚΕΣ ΡΑΔΙΟΕΚΠΟΜΠΕΣ ΥΨΗΛΗΣ ΣΥΧΝΟΤΗΤΑΣ ΠΟΥ ΠΑΡΕΝΟΧΛΟΥΝ ΤΙΣ ΔΙΕΘΝΕΙΣ ΤΗΛΕΠΙΚΟΙΝΩΝΙΕΣ

ΠΑΡΙΣΙ, 8 (Ἀσσ. Πρές).— Ἑπτὰ δυτικοευρωπαϊκὲς χῶρες διαμαρτυρήθηκαν στὴ Σοβιετικὴ Ἕνωση γιὰ τὶς ραδιοεκπομπὲς ὑψηλῆς συχνότητας ποὺ παρενοχλοῦν τὶς διεθνεῖς τηλεπικοινωνίες τῶν πολιτικῶν καὶ στρατιωτικῶν ὑπηρεσιῶν. Οἱ χῶρες αὐτὲς εἶναι: Γαλλία, Βέλγιο, Ὁλλανδία, Δανία, Νορβηγία, Σουηδία, Ἐλβετία καὶ Βρεταννία.

ΠΑΡΙΣΙ, 8 (Ἀσσ. Πρές).— Ἑπτὰ δυτικοευρωπαϊκὲς χῶρες διαμαρτυρήθηκαν στὴ Σοβιετικὴ Ἕνωση γιὰ τὶς ραδιοεκπομπὲς ὑψηλῆς συχνότητας ποὺ παρενοχλοῦν τὶς διεθνεῖς τηλεπικοινωνίες τῶν πολιτικῶν καὶ στρατιωτικῶν ὑπηρεσιῶν. Οἱ χῶρες αὐτὲς εἶναι: Γαλλία, Βέλγιο, Ὁλλανδία, Δανία, Νορβηγία, Σουηδία, Ἐλβετία καὶ Βρεταννία.

Η ΜΑΔΡΙΤΗ ΠΡΑΓΜΑΤΟΠΟΙΕΙ ΔΙΠΛΩΜΑΤΙΚΟ ΑΝΟΙΓΜΑ ΠΡΟΣ ΤΙΣ ΑΡΑΒΙΚΕΣ ΧΩΡΕΣ ΤΟΥ ΠΕΡΣΙΚΟΥ ΚΟΛΠΟΥ

ΜΑΔΡΙΤΗ, 8 (Ρώυτερ).— Ὁ ὑπουργὸς Ἐξωτερικῶν Μαρσελίνο Ὀρέχα ἀναχωρεῖ σήμερα γιὰ περιοδεία στὶς ἀραβικὲς χῶρες τοῦ Περσικοῦ Κόλπου, μὲ σκοπὸ τὴ σύσφιξη τῶν οἰκονομικῶν καὶ πολιτικῶν σχέσεων.

ΜΑΔΡΙΤΗ, 8 (Ρώυτερ).— Ὁ ὑπουργὸς Ἐξωτερικῶν Μαρσελίνο Ὀρέχα ἀναχωρεῖ σήμερα γιὰ περιοδεία στὶς ἀραβικὲς χῶρες τοῦ Περσικοῦ Κόλπου, μὲ σκοπὸ τὴ σύσφιξη τῶν οἰκονομικῶν καὶ πολιτικῶν σχέσεων.

Η ΑΠΕΡΓΙΑ ΠΕΙΝΑΣ

ΜΠΙΛΜΠΑΟ, Ἱσπανία, 8 (Ἀσσ. Πρές).— Ἡ ἀπεργία πείνας τῶν κρατουμένων συνεχίζεται γιὰ ἕνατη ἡμέρα.

ΜΑΔΡΙΤΗ, 8 (Ρώυτερ).— Ὁ ὑπουργὸς Ἐξωτερικῶν Μαρσελίνο Ὀρέχα ἀναχωρεῖ σήμερα γιὰ περιοδεία στὶς ἀραβικὲς χῶρες τοῦ Περσικοῦ Κόλπου, μὲ σκοπὸ τὴ σύσφιξη τῶν οἰκονομικῶν καὶ πολιτικῶν σχέσεων.

ΔΑΝΙΚΟ ΠΡΑΚΤΟΡΕΙΟ ΜΕΤΕΔΩΣΕ ΟΛΟΚΛΗΡΗ ΙΣΤΟΡΙΑ ΠΩΣ Ο ΚΙΣΣΙΝΓΚΕΡ ΗΘΕΛΕ ΝΑ ΚΑΝΕΙ ΚΟΣΤΟΥΜΙ ΜΕ ΡΕΤΑΛΙ

ΚΟΠΕΓΧΑΓΗ, 8 (Ἀσσ. Πρές).— Κάποιο δανικὸ πρακτορεῖο εἰδήσεων μετέδωσε ὁλόκληρη ἱστορία γιὰ τὸν πρώην ὑπουργὸ Ἐξωτερικῶν τῶν ΗΠΑ Χένρυ Κίσσινγκερ, ὁ ὁποῖος ἐπισκέφθηκε κατάστημα ὑφασμάτων γιὰ νὰ ἀγοράσει ρετάλι γιὰ κοστούμι.

ΚΟΠΕΓΧΑΓΗ, 8 (Ἀσσ. Πρές).— Κάποιο δανικὸ πρακτορεῖο εἰδήσεων μετέδωσε ὁλόκληρη ἱστορία γιὰ τὸν πρώην ὑπουργὸ Ἐξωτερικῶν τῶν ΗΠΑ Χένρυ Κίσσινγκερ, ὁ ὁποῖος ἐπισκέφθηκε κατάστημα ὑφασμάτων γιὰ νὰ ἀγοράσει ρετάλι γιὰ κοστούμι.

ΚΟΠΕΓΧΑΓΗ, 8 (Ἀσσ. Πρές).— Κάποιο δανικὸ πρακτορεῖο εἰδήσεων μετέδωσε ὁλόκληρη ἱστορία γιὰ τὸν πρώην ὑπουργὸ Ἐξωτερικῶν τῶν ΗΠΑ Χένρυ Κίσσινγκερ, ὁ ὁποῖος ἐπισκέφθηκε κατάστημα ὑφασμάτων γιὰ νὰ ἀγοράσει ρετάλι γιὰ κοστούμι.

ΚΟΠΕΓΧΑΓΗ, 8 (Ἀσσ. Πρές).— Κάποιο δανικὸ πρακτορεῖο εἰδήσεων μετέδωσε ὁλόκληρη ἱστορία γιὰ τὸν πρώην ὑπουργὸ Ἐξωτερικῶν τῶν ΗΠΑ Χένρυ Κίσσινγκερ, ὁ ὁποῖος ἐπισκέφθηκε κατάστημα ὑφασμάτων γιὰ νὰ ἀγοράσει ρετάλι γιὰ κοστούμι.

Η ΟΥΓΚΑΝΤΑ Θ' ΑΝΕΓΕΙΡΗ 15ΟΡΟΦΟ ΚΤΙΡΙΟ ΣΤΗ Ν. ΥΟΡΚΗ ΓΙΑ ΤΗΝ ΔΩΔΕΚΑΜΕΛΗ ΑΝΤΙΠΡΟΣΩΠΕΙΑ ΤΗΣ ΣΤΟΝ ΟΗΕ

ΝΕΑ ΥΟΡΚΗ, 8 (Ἀσσ. Πρές).— Ἡ Οὐγκάντα θὰ ἀνεγείρει 15όροφο κτίριο κοντὰ στὸ μέγαρο τῶν Ἡνωμένων Ἐθνῶν, ἀξίας 15.000.000 δολλαρίων, γιὰ τὴ στέγαση τῆς δωδεκαμελοῦς ἀντιπροσωπείας της.

ΝΕΑ ΥΟΡΚΗ, 8 (Ἀσσ. Πρές).— Ἡ Οὐγκάντα θὰ ἀνεγείρει 15όροφο κτίριο κοντὰ στὸ μέγαρο τῶν Ἡνωμένων Ἐθνῶν, ἀξίας 15.000.000 δολλαρίων, γιὰ τὴ στέγαση τῆς δωδεκαμελοῦς ἀντιπροσωπείας της.

ΝΕΑ ΥΟΡΚΗ, 8 (Ἀσσ. Πρές).— Ἡ Οὐγκάντα θὰ ἀνεγείρει 15όροφο κτίριο κοντὰ στὸ μέγαρο τῶν Ἡνωμένων Ἐθνῶν, ἀξίας 15.000.000 δολλαρίων, γιὰ τὴ στέγαση τῆς δωδεκαμελοῦς ἀντιπροσωπείας της.

ΝΕΑ ΥΟΡΚΗ, 8 (Ἀσσ. Πρές).— Ἡ Οὐγκάντα θὰ ἀνεγείρει 15όροφο κτίριο κοντὰ στὸ μέγαρο τῶν Ἡνωμένων Ἐθνῶν, ἀξίας 15.000.000 δολλαρίων, γιὰ τὴ στέγαση τῆς δωδεκαμελοῦς ἀντιπροσωπείας της.

ΟΙ ΤΟΥΡΚΙΚΕΣ ΕΦΗΜΕΡΙΔΕΣ ΕΔΩΣΑΝ ΙΔΙΑΙΤΕΡΗ ΕΜΦΑΣΗ ΣΤΗΝ ΠΡΟΣΦΑΤΗ ΕΠΙΣΚΕΨΗ ΤΟΥ ΕΤΣΕΒΙΤ ΣΤΗ ΒΟΥΛΓΑΡΙΑ

ΚΩΝΣΤΑΝΤΙΝΟΥΠΟΛΗ, 8 (ΠΙ. Ὑπηρ.).— Μὲ ἰδιαίτερη ἔμφαση σχολίασαν οἱ τουρκικὲς ἐφημερίδες τὴν πρόσφατη ἐπίσκεψη τοῦ πρωθυπουργοῦ Μπουλὲντ Ἐτσεβὶτ στὴ Βουλγαρία καὶ τὴ βελτίωση τῶν σχέσεων τῶν δύο χωρῶν.

ΚΩΝΣΤΑΝΤΙΝΟΥΠΟΛΗ, 8 (ΠΙ. Ὑπηρ.).— Μὲ ἰδιαίτερη ἔμφαση σχολίασαν οἱ τουρκικὲς ἐφημερίδες τὴν πρόσφατη ἐπίσκεψη τοῦ πρωθυπουργοῦ Μπουλὲντ Ἐτσεβὶτ στὴ Βουλγαρία καὶ τὴ βελτίωση τῶν σχέσεων τῶν δύο χωρῶν.

ΚΩΝΣΤΑΝΤΙΝΟΥΠΟΛΗ, 8 (ΠΙ. Ὑπηρ.).— Μὲ ἰδιαίτερη ἔμφαση σχολίασαν οἱ τουρκικὲς ἐφημερίδες τὴν πρόσφατη ἐπίσκεψη τοῦ πρωθυπουργοῦ Μπουλὲντ Ἐτσεβὶτ στὴ Βουλγαρία καὶ τὴ βελτίωση τῶν σχέσεων τῶν δύο χωρῶν.

ΚΩΝΣΤΑΝΤΙΝΟΥΠΟΛΗ, 8 (ΠΙ. Ὑπηρ.).— Μὲ ἰδιαίτερη ἔμφαση σχολίασαν οἱ τουρκικὲς ἐφημερίδες τὴν πρόσφατη ἐπίσκεψη τοῦ πρωθυπουργοῦ Μπουλὲντ Ἐτσεβὶτ στὴ Βουλγαρία καὶ τὴ βελτίωση τῶν σχέσεων τῶν δύο χωρῶν.

Η ΒΡΕΤΑΝΝΙΑ ΔΙΑΦΩΝΕΙ ΓΙΑ ΤΗ ΣΥΝΑΨΗ ΝΕΑΣ ΣΥΝΘΗΚΗΣ ΓΙΑ ΤΗΝ ΑΠΟΣΤΡΑΤΙΚΟΠΟΙΗΣΗ ΠΡΟΣΤΑΣΙΑ ΠΡΟΪΟΝΤΩΝ

ΓΕΝΕΥΗ, 8 (Ρώυτερ).— Ἡ Βρεταννία διαφωνεῖ μὲ τὴ σύναψη νέας διεθνοῦς συνθήκης γιὰ τὴν προστασία τῶν προϊόντων, ὑποστηρίζοντας ὅτι οἱ ὑφιστάμενες διατάξεις εἶναι ἐπαρκεῖς.

ΓΕΝΕΥΗ, 8 (Ρώυτερ).— Ἡ Βρεταννία διαφωνεῖ μὲ τὴ σύναψη νέας διεθνοῦς συνθήκης γιὰ τὴν προστασία τῶν προϊόντων, ὑποστηρίζοντας ὅτι οἱ ὑφιστάμενες διατάξεις εἶναι ἐπαρκεῖς.

ΑΠΟΚΑΤΑΣΤΑΣΗ ΤΗΣ ΔΗΜΟΚΡΑΤΙΚΗΣ ΖΩΗΣ ΣΤΟ ΠΕΡΟΥ ΜΕΣΑ ΣΕ ΤΡΙΑ Ή ΤΕΣΣΕΡΑ ΧΡΟΝΙΑ ΥΠΟΣΧΕΤΑΙ Ο ΜΟΡΑΛΕΣ

ΛΙΜΑ, Περού, 8 (ΠΙ. Ὑπηρ.).— Ὁ πρόεδρος τοῦ στρατιωτικοῦ καθεστῶτος Φρανσίσκο Μοραλὲς Μπερμούδες ὑποσχέθηκε ὅτι ἡ δημοκρατικὴ ζωὴ θὰ ἀποκατασταθῇ μέσα σὲ τρία ἢ τέσσερα χρόνια μὲ τὴ διενέργεια ἐκλογῶν.

ΛΙΜΑ, Περού, 8 (ΠΙ. Ὑπηρ.).— Ὁ πρόεδρος τοῦ στρατιωτικοῦ καθεστῶτος Φρανσίσκο Μοραλὲς Μπερμούδες ὑποσχέθηκε ὅτι ἡ δημοκρατικὴ ζωὴ θὰ ἀποκατασταθῇ μέσα σὲ τρία ἢ τέσσερα χρόνια μὲ τὴ διενέργεια ἐκλογῶν.
